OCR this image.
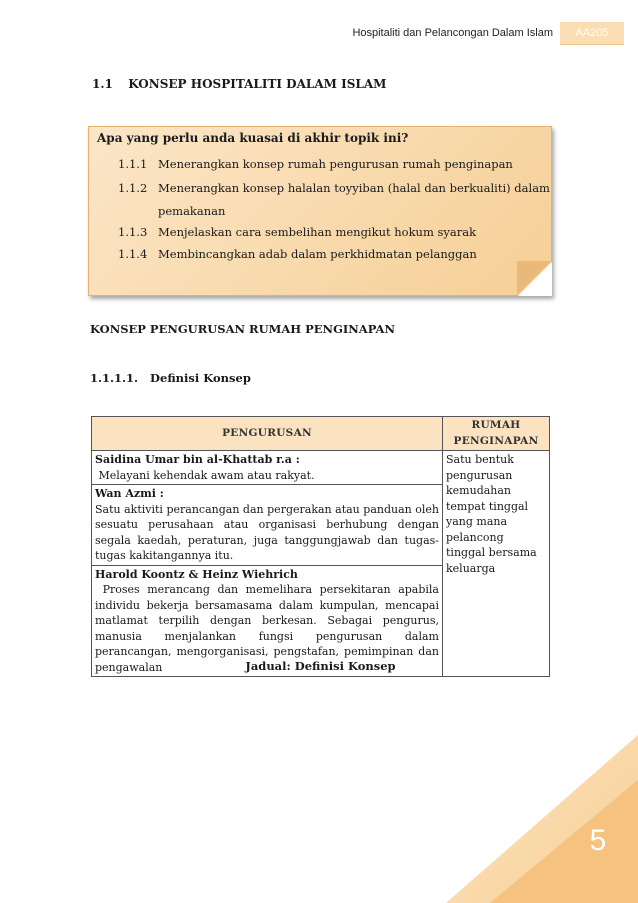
Hospitaliti dan Pelancongan Dalam Islam	AA205
1.1 KONSEP HOSPITALITI DALAM ISLAM
Apa yang perlu anda kuasai di akhir topik ini?
1.1.1 Menerangkan konsep rumah pengurusan rumah penginapan
1.1.2 Menerangkan konsep halalan toyyiban (halal dan berkualiti) dalam
pemakanan
1.1.3 Menjelaskan cara sembelihan mengikut hokum syarak
1.1.4 Membincangkan adab dalam perkhidmatan pelanggan
KONSEP PENGURUSAN RUMAH PENGINAPAN
1.1.1.1.   Definisi Konsep
PENGURUSAN	RUMAH PENGINAPAN

Saidina Umar bin al-Khattab r.a :
Melayani kehendak awam atau rakyat.	Satu bentuk pengurusan kemudahan tempat tinggal yang mana pelancong tinggal bersama keluarga

Wan Azmi :
Satu aktiviti perancangan dan pergerakan atau panduan oleh sesuatu perusahaan atau organisasi berhubung dengan segala kaedah, peraturan, juga tanggungjawab dan tugas-tugas kakitangannya itu.	

Harold Koontz & Heinz Wiehrich
Proses merancang dan memelihara persekitaran apabila individu bekerja bersamasama dalam kumpulan, mencapai matlamat terpilih dengan berkesan. Sebagai pengurus, manusia menjalankan fungsi pengurusan dalam perancangan, mengorganisasi, pengstafan, pemimpinan dan pengawalan		Jadual: Definisi Konsep
5
